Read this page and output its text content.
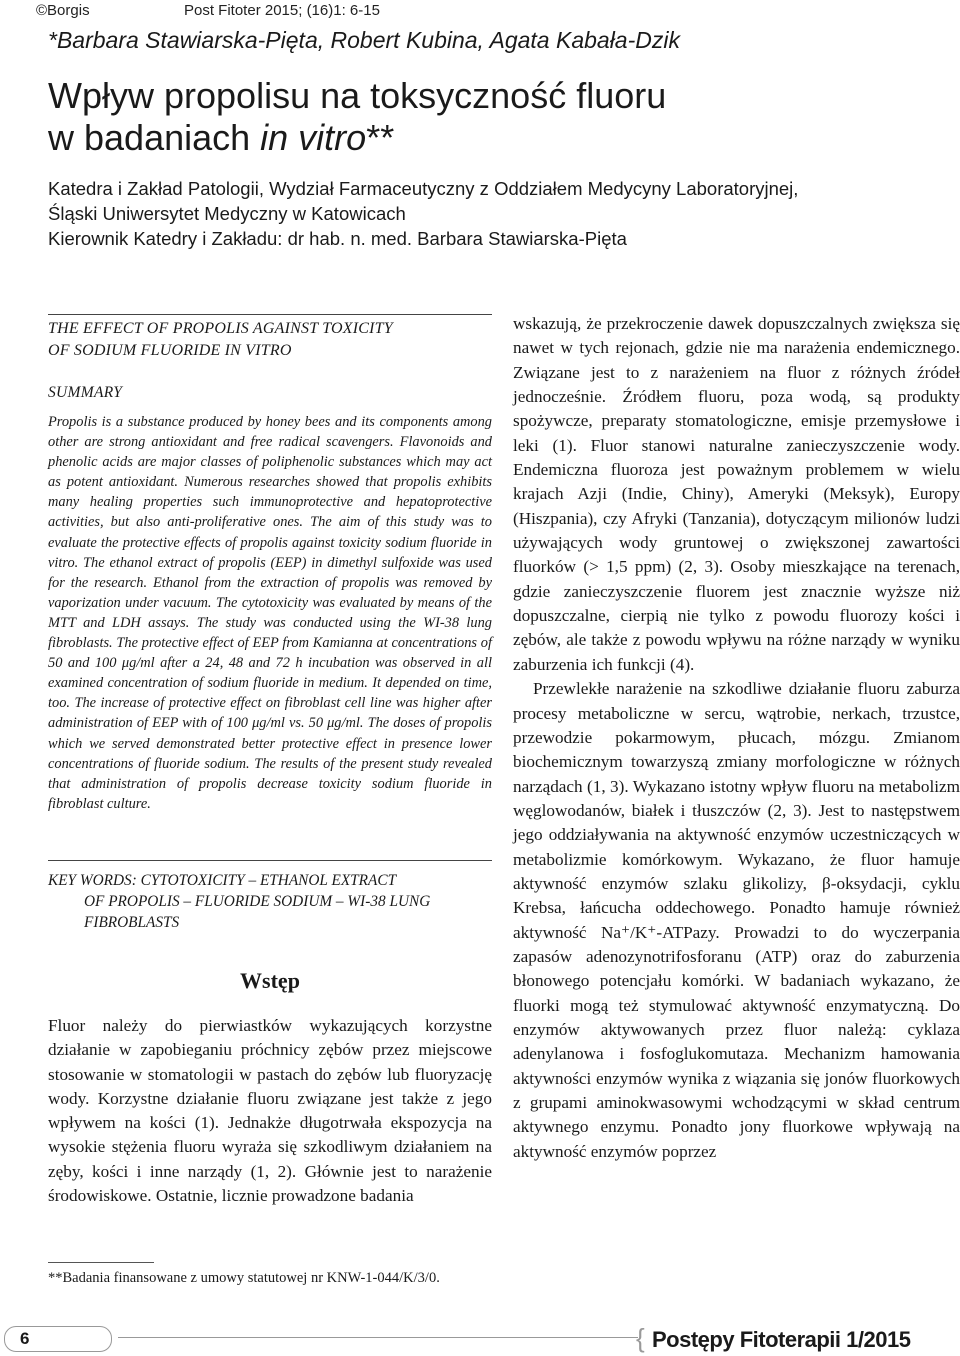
©Borgis	Post Fitoter 2015; (16)1: 6-15
*Barbara Stawiarska-Pięta, Robert Kubina, Agata Kabała-Dzik
Wpływ propolisu na toksyczność fluoru
w badaniach in vitro**
Katedra i Zakład Patologii, Wydział Farmaceutyczny z Oddziałem Medycyny Laboratoryjnej,
Śląski Uniwersytet Medyczny w Katowicach
Kierownik Katedry i Zakładu: dr hab. n. med. Barbara Stawiarska-Pięta
THE EFFECT OF PROPOLIS AGAINST TOXICITY
OF SODIUM FLUORIDE IN VITRO
SUMMARY

Propolis is a substance produced by honey bees and its components among other are strong antioxidant and free radical scavengers. Flavonoids and phenolic acids are major classes of poliphenolic substances which may act as potent antioxidant. Numerous researches showed that propolis exhibits many healing properties such immunoprotective and hepatoprotective activities, but also anti-proliferative ones. The aim of this study was to evaluate the protective effects of propolis against toxicity sodium fluoride in vitro. The ethanol extract of propolis (EEP) in dimethyl sulfoxide was used for the research. Ethanol from the extraction of propolis was removed by vaporization under vacuum. The cytotoxicity was evaluated by means of the MTT and LDH assays. The study was conducted using the WI-38 lung fibroblasts. The protective effect of EEP from Kamianna at concentrations of 50 and 100 μg/ml after a 24, 48 and 72 h incubation was observed in all examined concentration of sodium fluoride in medium. It depended on time, too. The increase of protective effect on fibroblast cell line was higher after administration of EEP with of 100 μg/ml vs. 50 μg/ml. The doses of propolis which we served demonstrated better protective effect in presence lower concentrations of fluoride sodium. The results of the present study revealed that administration of propolis decrease toxicity sodium fluoride in fibroblast culture.

KEY WORDS: CYTOTOXICITY – ETHANOL EXTRACT
OF PROPOLIS – FLUORIDE SODIUM – WI-38 LUNG
FIBROBLASTS
Wstęp

Fluor należy do pierwiastków wykazujących korzystne działanie w zapobieganiu próchnicy zębów przez miejscowe stosowanie w stomatologii w pastach do zębów lub fluoryzację wody. Korzystne działanie fluoru związane jest także z jego wpływem na kości (1). Jednakże długotrwała ekspozycja na wysokie stężenia fluoru wyraża się szkodliwym działaniem na zęby, kości i inne narządy (1, 2). Głównie jest to narażenie środowiskowe. Ostatnie, licznie prowadzone badania

wskazują, że przekroczenie dawek dopuszczalnych zwiększa się nawet w tych rejonach, gdzie nie ma narażenia endemicznego. Związane jest to z narażeniem na fluor z różnych źródeł jednocześnie. Źródłem fluoru, poza wodą, są produkty spożywcze, preparaty stomatologiczne, emisje przemysłowe i leki (1). Fluor stanowi naturalne zanieczyszczenie wody. Endemiczna fluoroza jest poważnym problemem w wielu krajach Azji (Indie, Chiny), Ameryki (Meksyk), Europy (Hiszpania), czy Afryki (Tanzania), dotyczącym milionów ludzi używających wody gruntowej o zwiększonej zawartości fluorków (> 1,5 ppm) (2, 3). Osoby mieszkające na terenach, gdzie zanieczyszczenie fluorem jest znacznie wyższe niż dopuszczalne, cierpią nie tylko z powodu fluorozy kości i zębów, ale także z powodu wpływu na różne narządy w wyniku zaburzenia ich funkcji (4).

Przewlekłe narażenie na szkodliwe działanie fluoru zaburza procesy metaboliczne w sercu, wątrobie, nerkach, trzustce, przewodzie pokarmowym, płucach, mózgu. Zmianom biochemicznym towarzyszą zmiany morfologiczne w różnych narządach (1, 3). Wykazano istotny wpływ fluoru na metabolizm węglowodanów, białek i tłuszczów (2, 3). Jest to następstwem jego oddziaływania na aktywność enzymów uczestniczących w metabolizmie komórkowym. Wykazano, że fluor hamuje aktywność enzymów szlaku glikolizy, β-oksydacji, cyklu Krebsa, łańcucha oddechowego. Ponadto hamuje również aktywność Na⁺/K⁺-ATPazy. Prowadzi to do wyczerpania zapasów adenozynotrifosforanu (ATP) oraz do zaburzenia błonowego potencjału komórki. W badaniach wykazano, że fluorki mogą też stymulować aktywność enzymatyczną. Do enzymów aktywowanych przez fluor należą: cyklaza adenylanowa i fosfoglukomutaza. Mechanizm hamowania aktywności enzymów wynika z wiązania się jonów fluorkowych z grupami aminokwasowymi wchodzącymi w skład centrum aktywnego enzymu. Ponadto jony fluorkowe wpływają na aktywność enzymów poprzez

**Badania finansowane z umowy statutowej nr KNW-1-044/K/3/0.
6	{ Postępy Fitoterapii 1/2015
